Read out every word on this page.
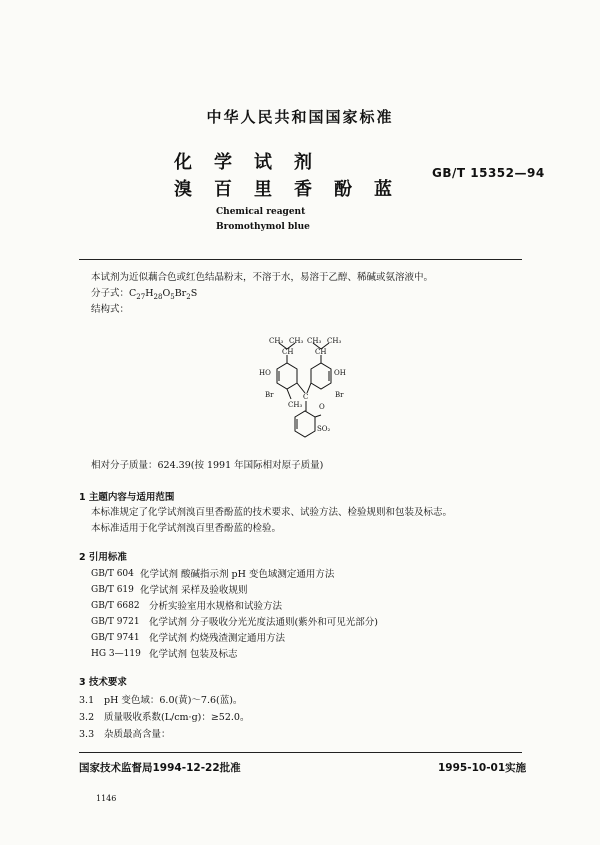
中华人民共和国国家标准
化学试剂
溴百里香酚蓝
GB/T 15352—94
Chemical reagent
Bromothymol blue
本试剂为近似藕合色或红色结晶粉末，不溶于水，易溶于乙醇、稀碱或氨溶液中。
分子式：$C_{27}H_{28}O_5Br_2S$
结构式：
CH₃ CH₃ CH₃ CH₃
CH	CH
HO	OH
Br	Br
CH₃
C
O
SO₂
相对分子质量：624.39(按 1991 年国际相对原子质量)
1 主题内容与适用范围
本标准规定了化学试剂溴百里香酚蓝的技术要求、试验方法、检验规则和包装及标志。
本标准适用于化学试剂溴百里香酚蓝的检验。
2 引用标准
GB/T 604 化学试剂 酸碱指示剂 pH 变色域测定通用方法
GB/T 619 化学试剂 采样及验收规则
GB/T 6682 分析实验室用水规格和试验方法
GB/T 9721 化学试剂 分子吸收分光光度法通则(紫外和可见光部分)
GB/T 9741 化学试剂 灼烧残渣测定通用方法
HG 3—119 化学试剂 包装及标志
3 技术要求
3.1 pH 变色域：6.0(黄)～7.6(蓝)。
3.2 质量吸收系数(L/cm·g)：≥52.0。
3.3 杂质最高含量：
国家技术监督局1994-12-22批准	1995-10-01实施
1146
